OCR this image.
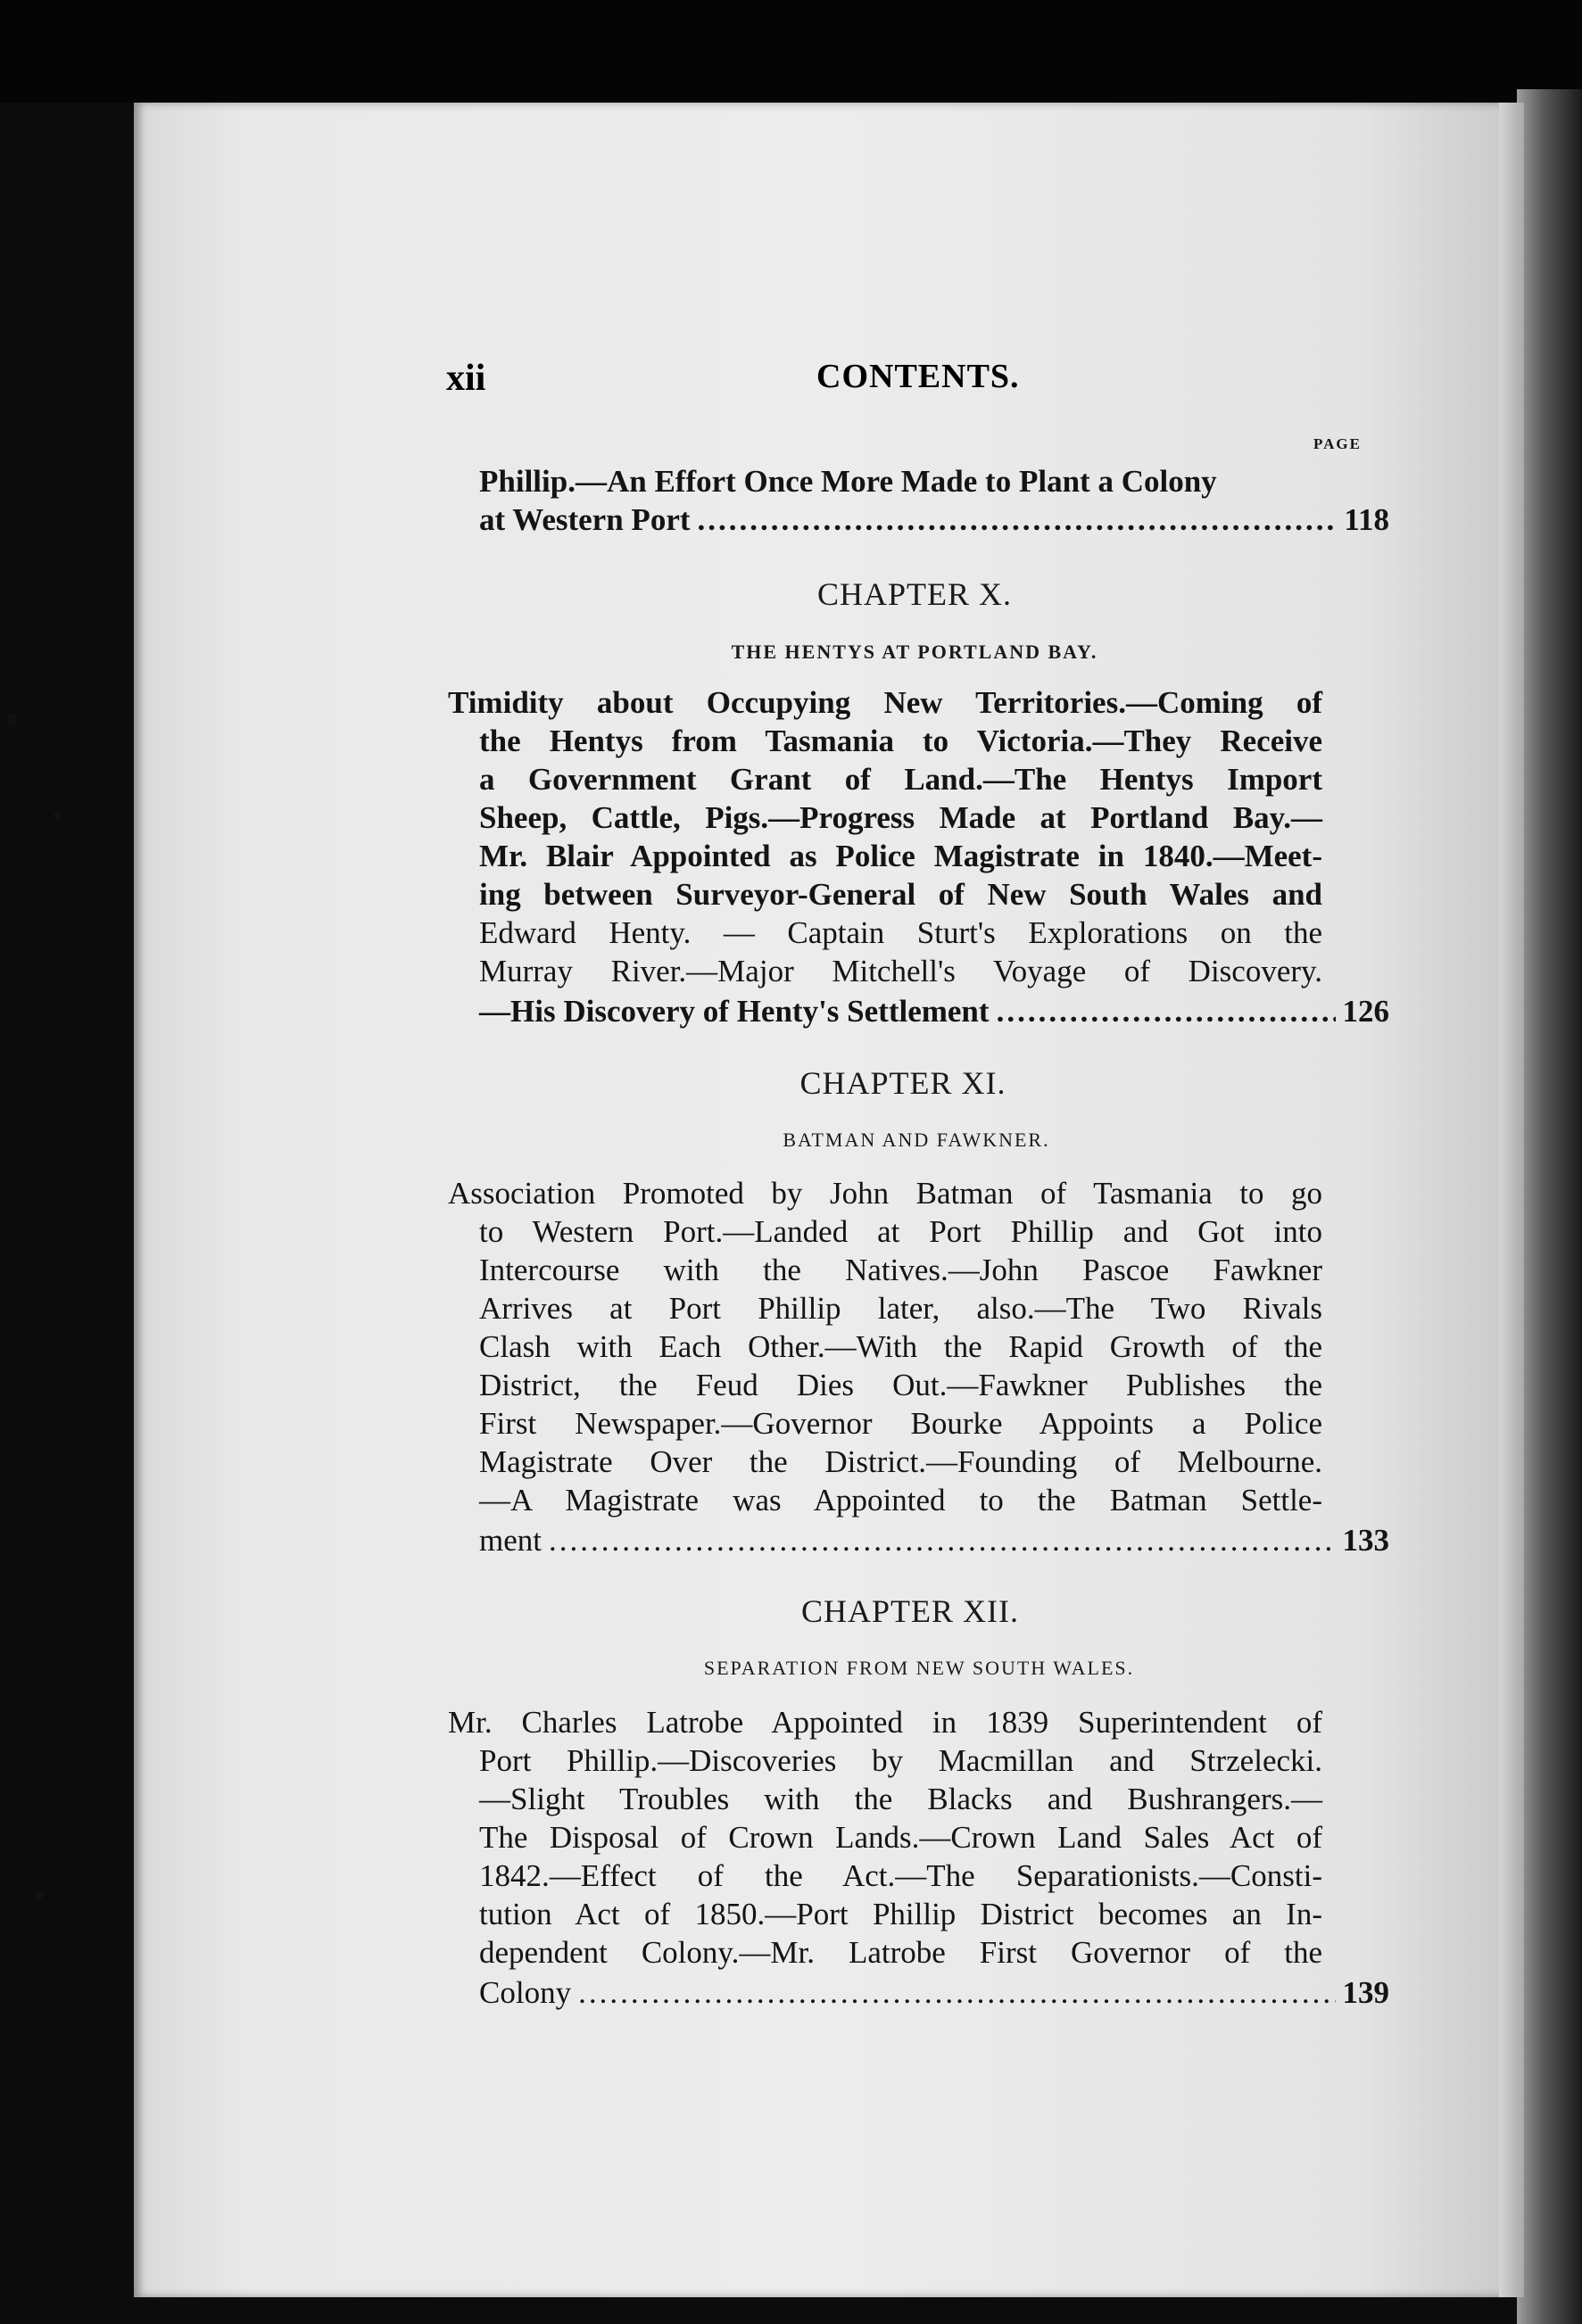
xii	CONTENTS.
PAGE
Phillip.—An Effort Once More Made to Plant a Colony
at Western Port .....	118
CHAPTER X.
THE HENTYS AT PORTLAND BAY.
Timidity about Occupying New Territories.—Coming of
the Hentys from Tasmania to Victoria.—They Receive
a Government Grant of Land.—The Hentys Import
Sheep, Cattle, Pigs.—Progress Made at Portland Bay.—
Mr. Blair Appointed as Police Magistrate in 1840.—Meet-
ing between Surveyor-General of New South Wales and
Edward Henty. — Captain Sturt's Explorations on the
Murray River.—Major Mitchell's Voyage of Discovery.
—His Discovery of Henty's Settlement .....	126
CHAPTER XI.
BATMAN AND FAWKNER.
Association Promoted by John Batman of Tasmania to go
to Western Port.—Landed at Port Phillip and Got into
Intercourse with the Natives.—John Pascoe Fawkner
Arrives at Port Phillip later, also.—The Two Rivals
Clash with Each Other.—With the Rapid Growth of the
District, the Feud Dies Out.—Fawkner Publishes the
First Newspaper.—Governor Bourke Appoints a Police
Magistrate Over the District.—Founding of Melbourne.
—A Magistrate was Appointed to the Batman Settle-
ment .....	133
CHAPTER XII.
SEPARATION FROM NEW SOUTH WALES.
Mr. Charles Latrobe Appointed in 1839 Superintendent of
Port Phillip.—Discoveries by Macmillan and Strzelecki.
—Slight Troubles with the Blacks and Bushrangers.—
The Disposal of Crown Lands.—Crown Land Sales Act of
1842.—Effect of the Act.—The Separationists.—Consti-
tution Act of 1850.—Port Phillip District becomes an In-
dependent Colony.—Mr. Latrobe First Governor of the
Colony .....	139
